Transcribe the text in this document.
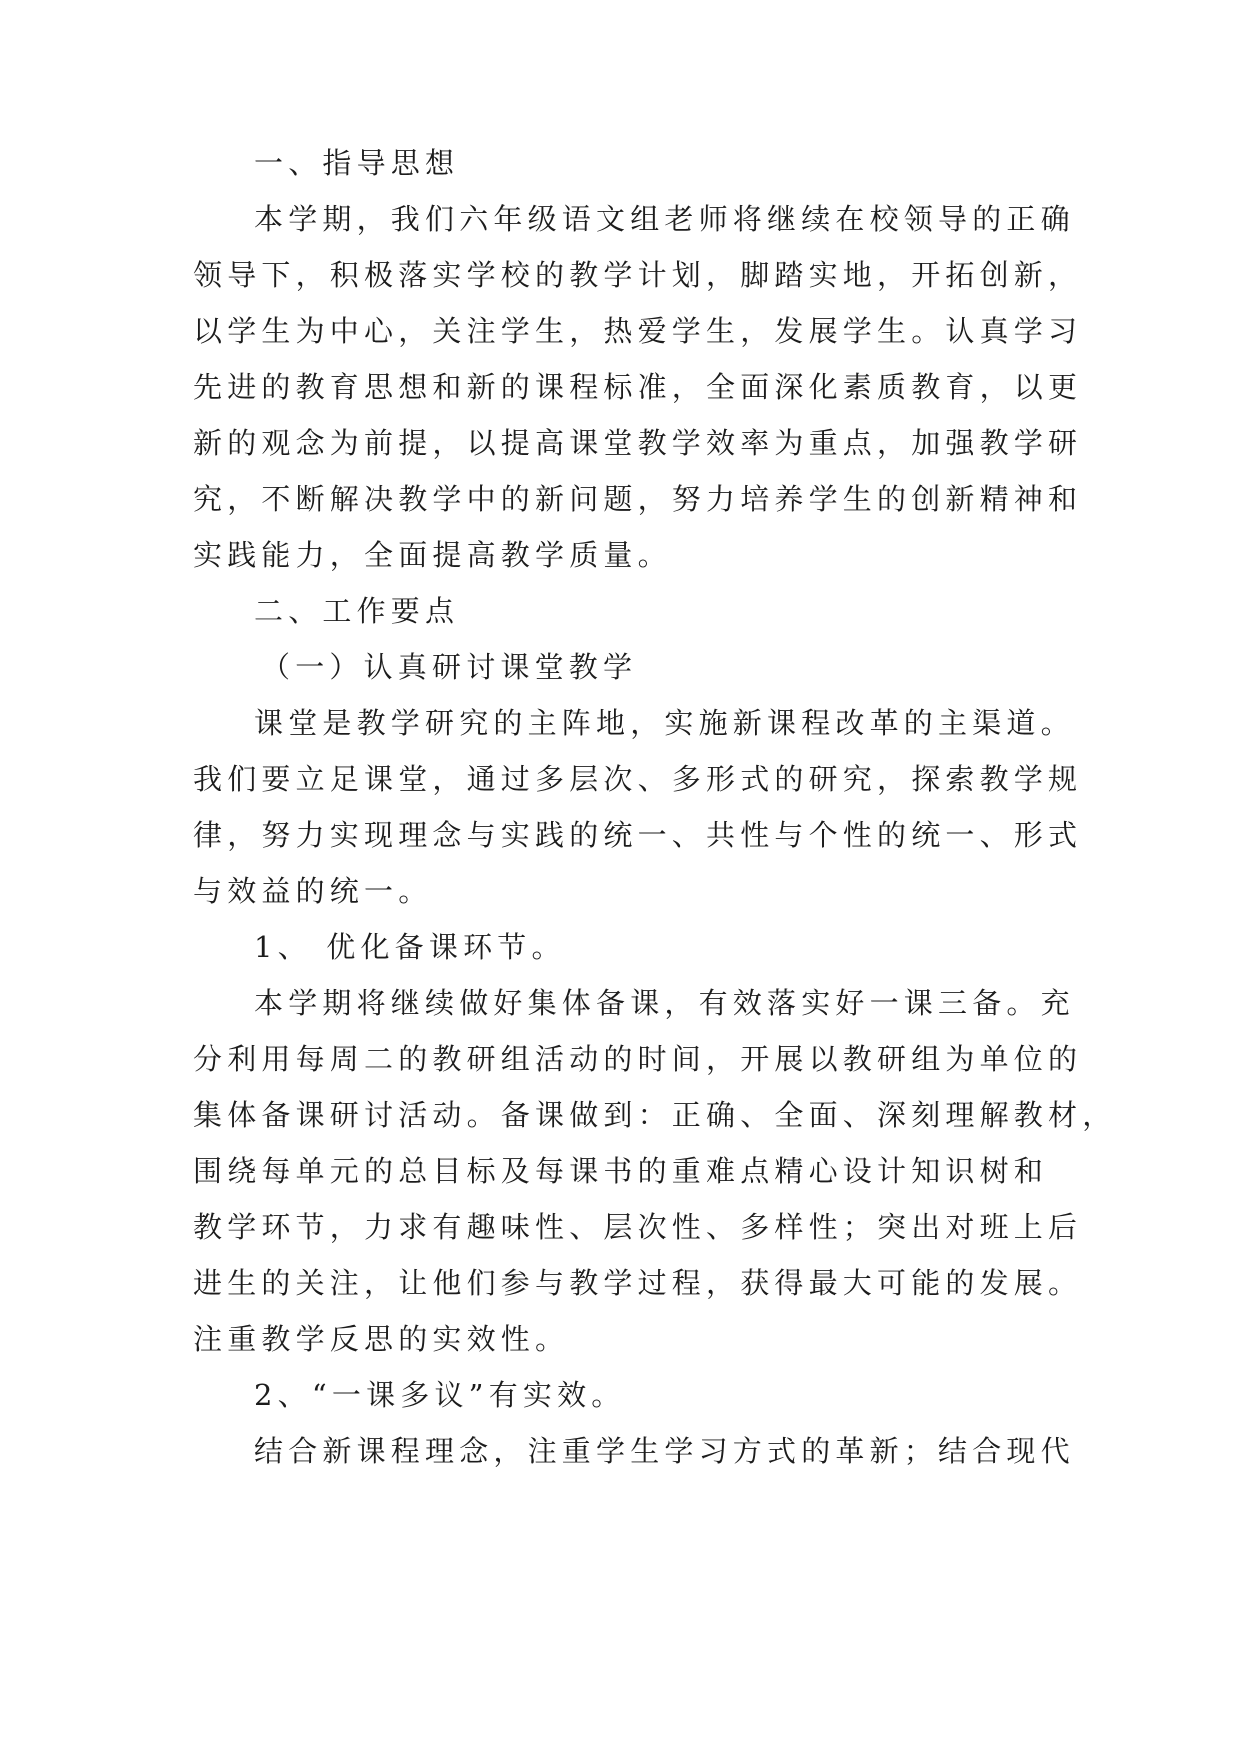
一、指导思想

本学期，我们六年级语文组老师将继续在校领导的正确

领导下，积极落实学校的教学计划，脚踏实地，开拓创新，

以学生为中心，关注学生，热爱学生，发展学生。认真学习

先进的教育思想和新的课程标准，全面深化素质教育，以更

新的观念为前提，以提高课堂教学效率为重点，加强教学研

究，不断解决教学中的新问题，努力培养学生的创新精神和

实践能力，全面提高教学质量。

二、工作要点

（一）认真研讨课堂教学

课堂是教学研究的主阵地，实施新课程改革的主渠道。

我们要立足课堂，通过多层次、多形式的研究，探索教学规

律，努力实现理念与实践的统一、共性与个性的统一、形式

与效益的统一。

1、 优化备课环节。

本学期将继续做好集体备课，有效落实好一课三备。充

分利用每周二的教研组活动的时间，开展以教研组为单位的

集体备课研讨活动。备课做到：正确、全面、深刻理解教材，

围绕每单元的总目标及每课书的重难点精心设计知识树和

教学环节，力求有趣味性、层次性、多样性；突出对班上后

进生的关注，让他们参与教学过程，获得最大可能的发展。

注重教学反思的实效性。

2、“一课多议”有实效。

结合新课程理念，注重学生学习方式的革新；结合现代
